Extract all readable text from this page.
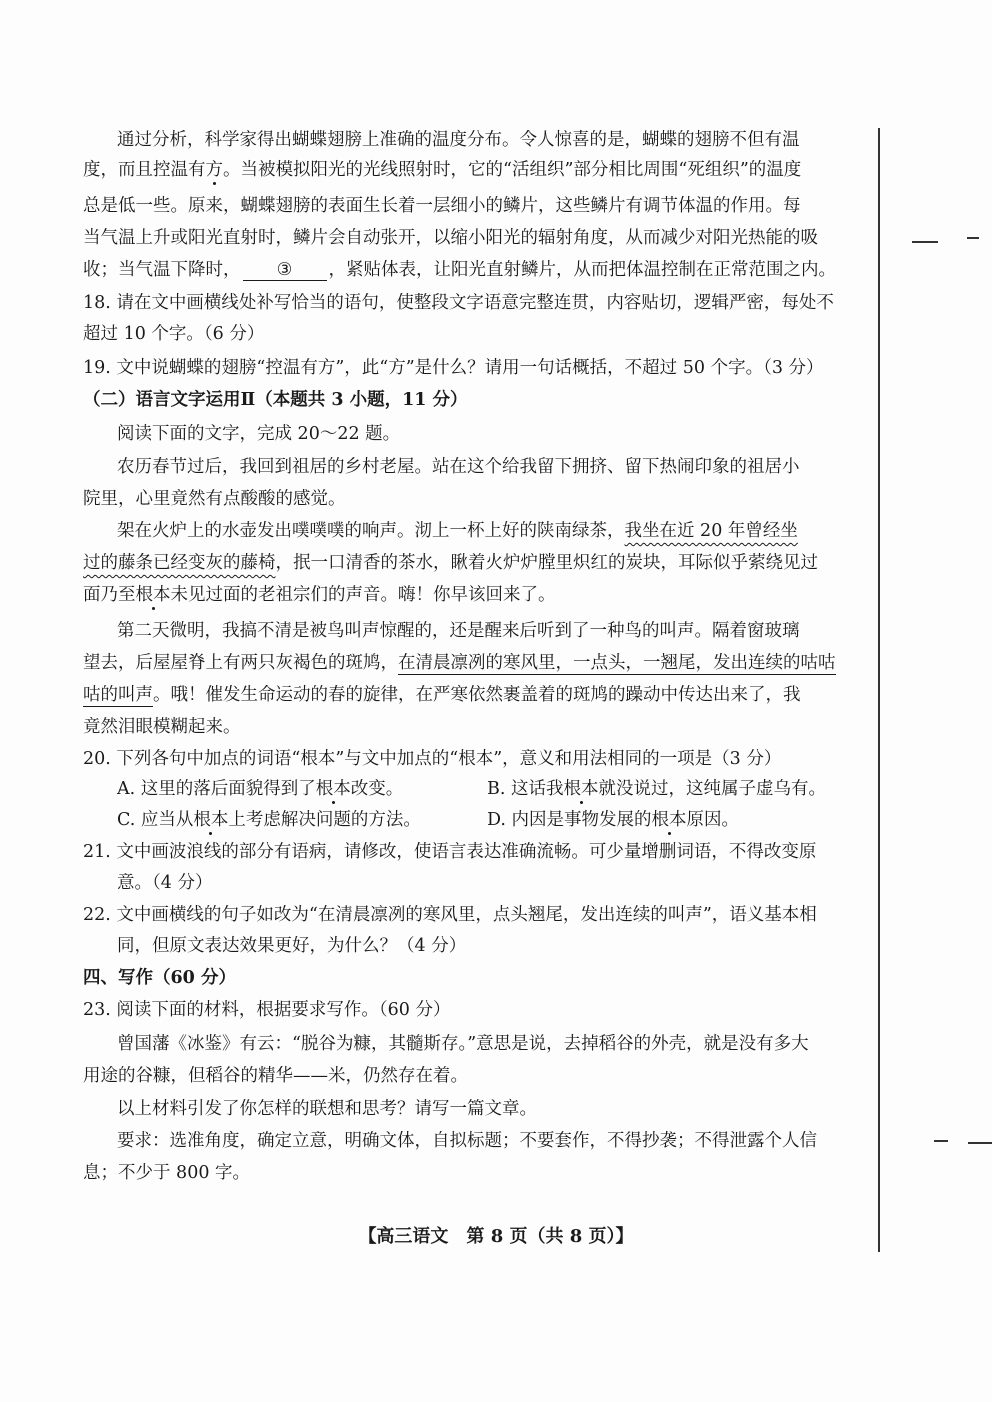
通过分析，科学家得出蝴蝶翅膀上准确的温度分布。令人惊喜的是，蝴蝶的翅膀不但有温
度，而且控温有方。当被模拟阳光的光线照射时，它的“活组织”部分相比周围“死组织”的温度
总是低一些。原来，蝴蝶翅膀的表面生长着一层细小的鳞片，这些鳞片有调节体温的作用。每
当气温上升或阳光直射时，鳞片会自动张开，以缩小阳光的辐射角度，从而减少对阳光热能的吸
收；当气温下降时， ③ ，紧贴体表，让阳光直射鳞片，从而把体温控制在正常范围之内。
18. 请在文中画横线处补写恰当的语句，使整段文字语意完整连贯，内容贴切，逻辑严密，每处不
超过 10 个字。（6 分）
19. 文中说蝴蝶的翅膀“控温有方”，此“方”是什么？请用一句话概括，不超过 50 个字。（3 分）
（二）语言文字运用Ⅱ（本题共 3 小题，11 分）
阅读下面的文字，完成 20～22 题。
农历春节过后，我回到祖居的乡村老屋。站在这个给我留下拥挤、留下热闹印象的祖居小
院里，心里竟然有点酸酸的感觉。
架在火炉上的水壶发出噗噗噗的响声。沏上一杯上好的陕南绿茶，我坐在近 20 年曾经坐
过的藤条已经变灰的藤椅，抿一口清香的茶水，瞅着火炉炉膛里炽红的炭块，耳际似乎萦绕见过
面乃至根本未见过面的老祖宗们的声音。嗨！你早该回来了。
第二天微明，我搞不清是被鸟叫声惊醒的，还是醒来后听到了一种鸟的叫声。隔着窗玻璃
望去，后屋屋脊上有两只灰褐色的斑鸠，在清晨凛冽的寒风里，一点头，一翘尾，发出连续的咕咕
咕的叫声。哦！催发生命运动的春的旋律，在严寒依然裹盖着的斑鸠的躁动中传达出来了，我
竟然泪眼模糊起来。
20. 下列各句中加点的词语“根本”与文中加点的“根本”，意义和用法相同的一项是（3 分）
A. 这里的落后面貌得到了根本改变。	B. 这话我根本就没说过，这纯属子虚乌有。
C. 应当从根本上考虑解决问题的方法。	D. 内因是事物发展的根本原因。
21. 文中画波浪线的部分有语病，请修改，使语言表达准确流畅。可少量增删词语，不得改变原
意。（4 分）
22. 文中画横线的句子如改为“在清晨凛冽的寒风里，点头翘尾，发出连续的叫声”，语义基本相
同，但原文表达效果更好，为什么？（4 分）
四、写作（60 分）
23. 阅读下面的材料，根据要求写作。（60 分）
曾国藩《冰鉴》有云：“脱谷为糠，其髓斯存。”意思是说，去掉稻谷的外壳，就是没有多大
用途的谷糠，但稻谷的精华——米，仍然存在着。
以上材料引发了你怎样的联想和思考？请写一篇文章。
要求：选准角度，确定立意，明确文体，自拟标题；不要套作，不得抄袭；不得泄露个人信
息；不少于 800 字。
【高三语文　第 8 页（共 8 页）】
